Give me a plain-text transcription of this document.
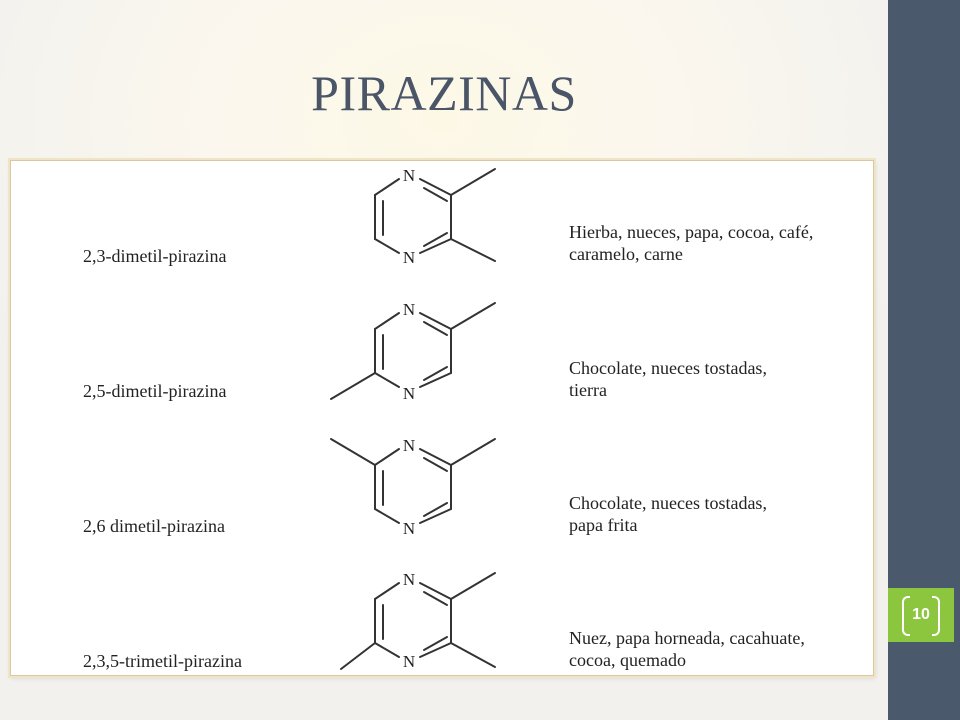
PIRAZINAS
10
2,3-dimetil-pirazina
Hierba, nueces, papa, cocoa, café,
caramelo, carne
2,5-dimetil-pirazina
Chocolate, nueces tostadas,
tierra
2,6 dimetil-pirazina
Chocolate, nueces tostadas,
papa frita
2,3,5-trimetil-pirazina
Nuez, papa horneada, cacahuate,
cocoa, quemado
N
N
N
N
N
N
N
N
